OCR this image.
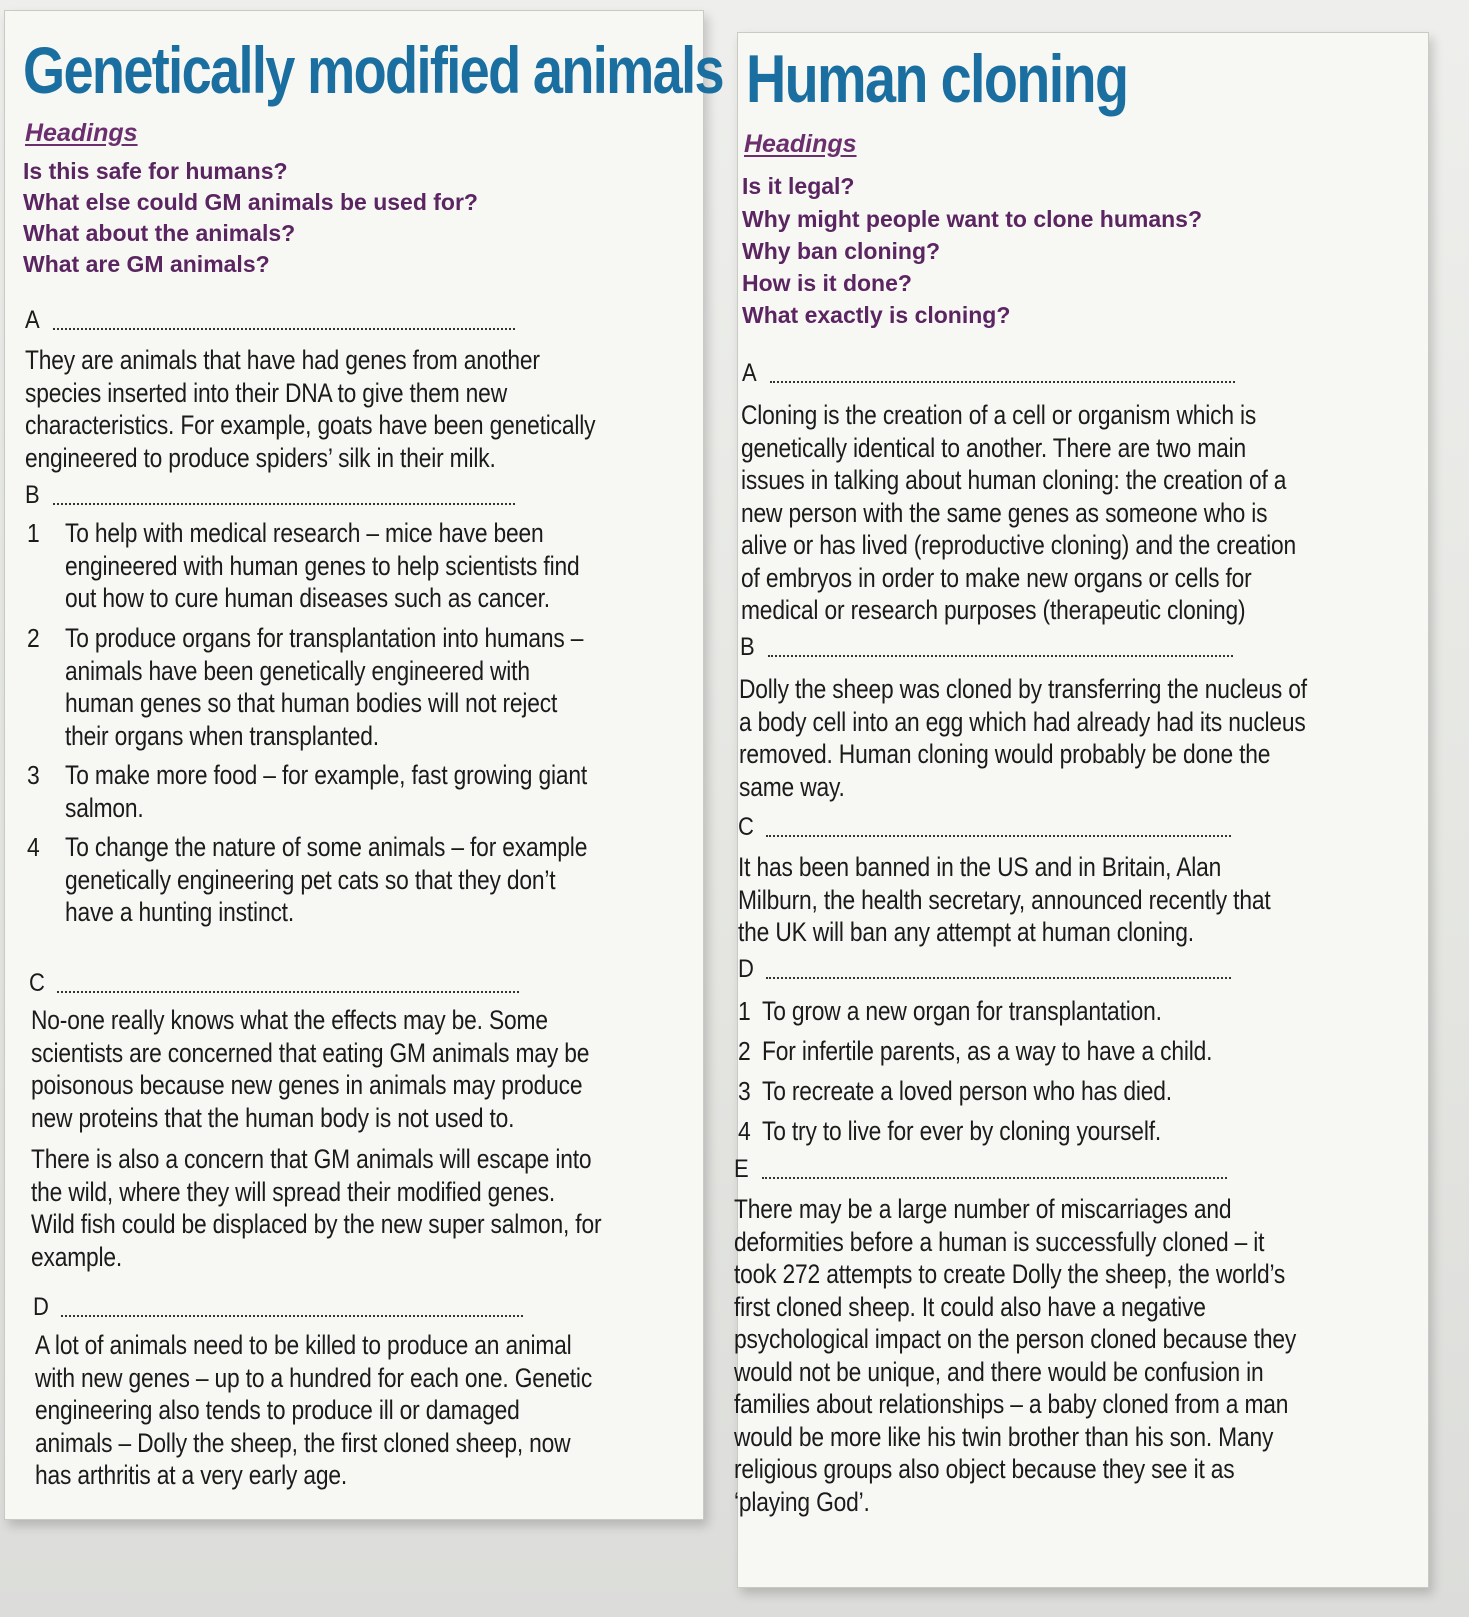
Genetically modified animals
Headings
Is this safe for humans?
What else could GM animals be used for?
What about the animals?
What are GM animals?
A

They are animals that have had genes from another
species inserted into their DNA to give them new
characteristics. For example, goats have been genetically
engineered to produce spiders’ silk in their milk.

B
1 To help with medical research – mice have been
engineered with human genes to help scientists find
out how to cure human diseases such as cancer.

2 To produce organs for transplantation into humans –
animals have been genetically engineered with
human genes so that human bodies will not reject
their organs when transplanted.

3 To make more food – for example, fast growing giant
salmon.

4 To change the nature of some animals – for example
genetically engineering pet cats so that they don’t
have a hunting instinct.

C

No-one really knows what the effects may be. Some
scientists are concerned that eating GM animals may be
poisonous because new genes in animals may produce
new proteins that the human body is not used to.

There is also a concern that GM animals will escape into
the wild, where they will spread their modified genes.
Wild fish could be displaced by the new super salmon, for
example.

D

A lot of animals need to be killed to produce an animal
with new genes – up to a hundred for each one. Genetic
engineering also tends to produce ill or damaged
animals – Dolly the sheep, the first cloned sheep, now
has arthritis at a very early age.

Human cloning
Headings
Is it legal?
Why might people want to clone humans?
Why ban cloning?
How is it done?
What exactly is cloning?
A

Cloning is the creation of a cell or organism which is
genetically identical to another. There are two main
issues in talking about human cloning: the creation of a
new person with the same genes as someone who is
alive or has lived (reproductive cloning) and the creation
of embryos in order to make new organs or cells for
medical or research purposes (therapeutic cloning)

B

Dolly the sheep was cloned by transferring the nucleus of
a body cell into an egg which had already had its nucleus
removed. Human cloning would probably be done the
same way.

C

It has been banned in the US and in Britain, Alan
Milburn, the health secretary, announced recently that
the UK will ban any attempt at human cloning.

D
1 To grow a new organ for transplantation.

2 For infertile parents, as a way to have a child.

3 To recreate a loved person who has died.

4 To try to live for ever by cloning yourself.

E

There may be a large number of miscarriages and
deformities before a human is successfully cloned – it
took 272 attempts to create Dolly the sheep, the world’s
first cloned sheep. It could also have a negative
psychological impact on the person cloned because they
would not be unique, and there would be confusion in
families about relationships – a baby cloned from a man
would be more like his twin brother than his son. Many
religious groups also object because they see it as
‘playing God’.
